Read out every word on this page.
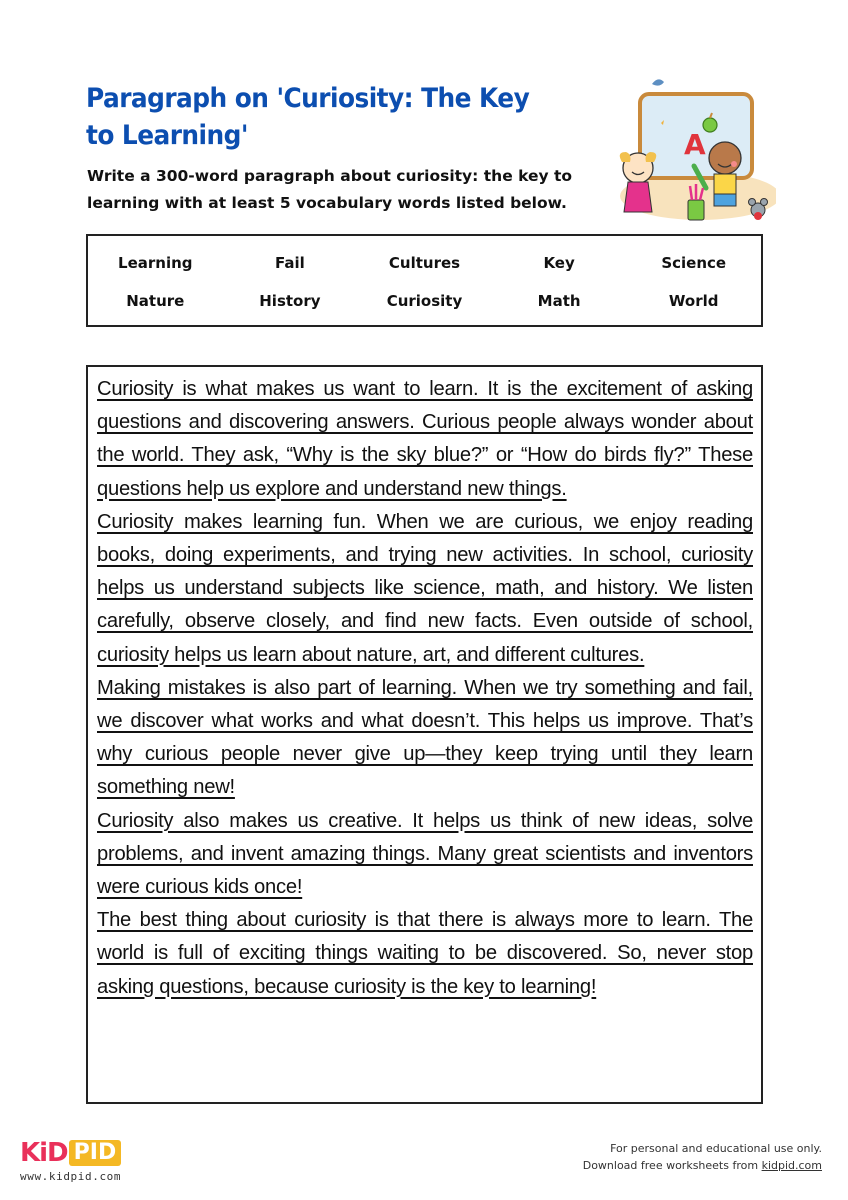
Paragraph on 'Curiosity: The Key to Learning'

Write a 300-word paragraph about curiosity: the key to learning with at least 5 vocabulary words listed below.

A
Learning	Fail	Cultures	Key	Science
Nature	History	Curiosity	Math	World

Curiosity is what makes us want to learn. It is the excitement of asking questions and discovering answers. Curious people always wonder about the world. They ask, “Why is the sky blue?” or “How do birds fly?” These questions help us explore and understand new things.

Curiosity makes learning fun. When we are curious, we enjoy reading books, doing experiments, and trying new activities. In school, curiosity helps us understand subjects like science, math, and history. We listen carefully, observe closely, and find new facts. Even outside of school, curiosity helps us learn about nature, art, and different cultures.

Making mistakes is also part of learning. When we try something and fail, we discover what works and what doesn’t. This helps us improve. That’s why curious people never give up—they keep trying until they learn something new!

Curiosity also makes us creative. It helps us think of new ideas, solve problems, and invent amazing things. Many great scientists and inventors were curious kids once!

The best thing about curiosity is that there is always more to learn. The world is full of exciting things waiting to be discovered. So, never stop asking questions, because curiosity is the key to learning!

KiD PID
www.kidpid.com
For personal and educational use only.
Download free worksheets from kidpid.com
